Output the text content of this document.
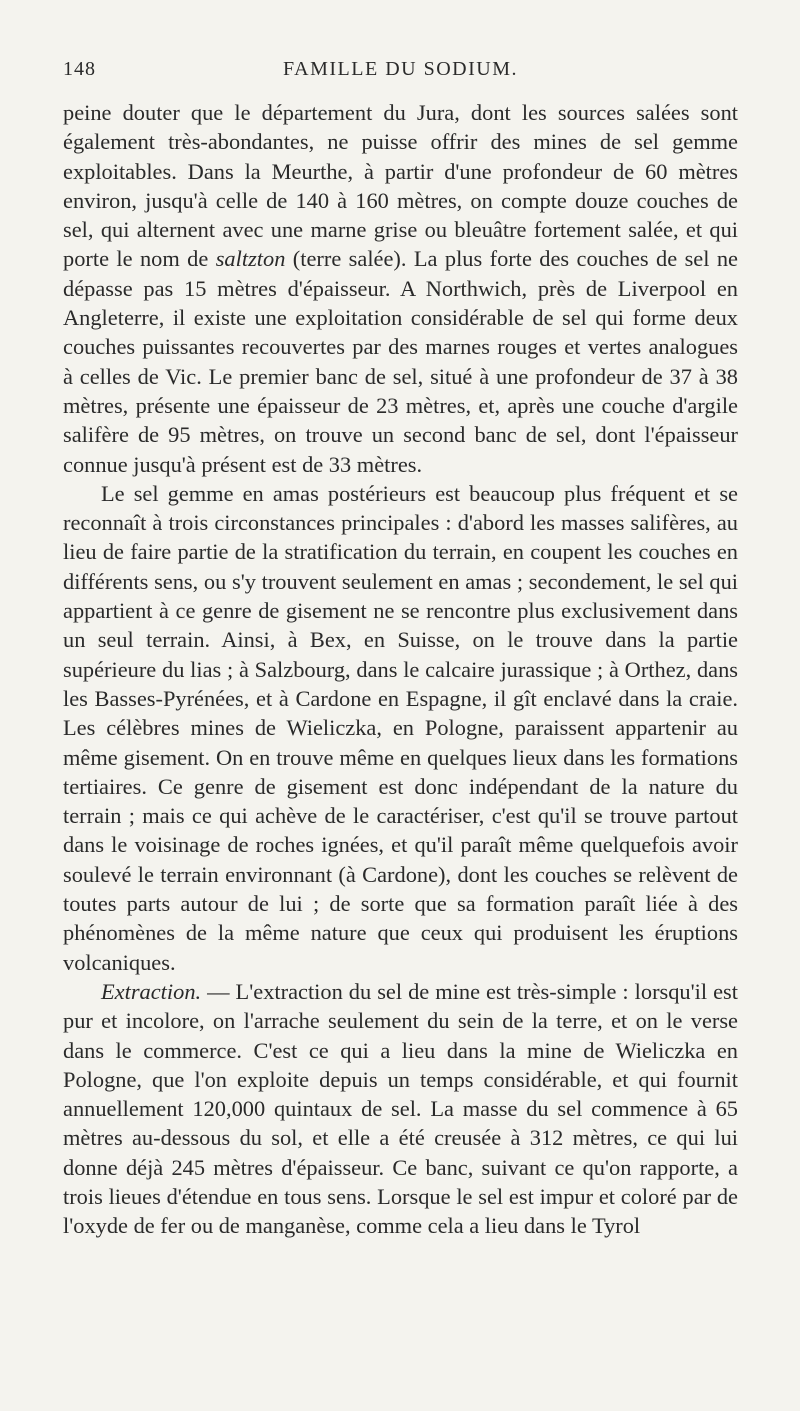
148	FAMILLE DU SODIUM.

peine douter que le département du Jura, dont les sources salées sont également très-abondantes, ne puisse offrir des mines de sel gemme exploitables. Dans la Meurthe, à partir d'une profondeur de 60 mètres environ, jusqu'à celle de 140 à 160 mètres, on compte douze couches de sel, qui alternent avec une marne grise ou bleuâtre fortement salée, et qui porte le nom de saltzton (terre salée). La plus forte des couches de sel ne dépasse pas 15 mètres d'épaisseur. A Northwich, près de Liverpool en Angleterre, il existe une exploitation considérable de sel qui forme deux couches puissantes recouvertes par des marnes rouges et vertes analogues à celles de Vic. Le premier banc de sel, situé à une profondeur de 37 à 38 mètres, présente une épaisseur de 23 mètres, et, après une couche d'argile salifère de 95 mètres, on trouve un second banc de sel, dont l'épaisseur connue jusqu'à présent est de 33 mètres.

Le sel gemme en amas postérieurs est beaucoup plus fréquent et se reconnaît à trois circonstances principales : d'abord les masses salifères, au lieu de faire partie de la stratification du terrain, en coupent les couches en différents sens, ou s'y trouvent seulement en amas ; secondement, le sel qui appartient à ce genre de gisement ne se rencontre plus exclusivement dans un seul terrain. Ainsi, à Bex, en Suisse, on le trouve dans la partie supérieure du lias ; à Salzbourg, dans le calcaire jurassique ; à Orthez, dans les Basses-Pyrénées, et à Cardone en Espagne, il gît enclavé dans la craie. Les célèbres mines de Wieliczka, en Pologne, paraissent appartenir au même gisement. On en trouve même en quelques lieux dans les formations tertiaires. Ce genre de gisement est donc indépendant de la nature du terrain ; mais ce qui achève de le caractériser, c'est qu'il se trouve partout dans le voisinage de roches ignées, et qu'il paraît même quelquefois avoir soulevé le terrain environnant (à Cardone), dont les couches se relèvent de toutes parts autour de lui ; de sorte que sa formation paraît liée à des phénomènes de la même nature que ceux qui produisent les éruptions volcaniques.

Extraction. — L'extraction du sel de mine est très-simple : lorsqu'il est pur et incolore, on l'arrache seulement du sein de la terre, et on le verse dans le commerce. C'est ce qui a lieu dans la mine de Wieliczka en Pologne, que l'on exploite depuis un temps considérable, et qui fournit annuellement 120,000 quintaux de sel. La masse du sel commence à 65 mètres au-dessous du sol, et elle a été creusée à 312 mètres, ce qui lui donne déjà 245 mètres d'épaisseur. Ce banc, suivant ce qu'on rapporte, a trois lieues d'étendue en tous sens. Lorsque le sel est impur et coloré par de l'oxyde de fer ou de manganèse, comme cela a lieu dans le Tyrol
